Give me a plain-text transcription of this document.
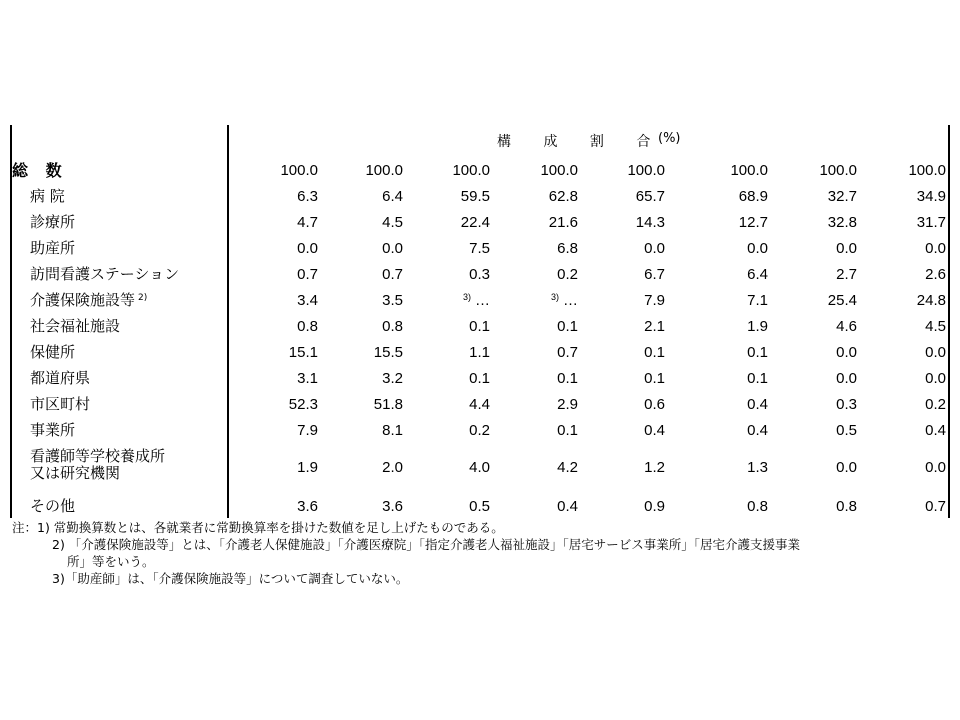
構 成 割 合
(%)
総 数	100.0	100.0	100.0	100.0	100.0	100.0	100.0	100.0
病 院	6.3	6.4	59.5	62.8	65.7	68.9	32.7	34.9
診療所	4.7	4.5	22.4	21.6	14.3	12.7	32.8	31.7
助産所	0.0	0.0	7.5	6.8	0.0	0.0	0.0	0.0
訪問看護ステーション	0.7	0.7	0.3	0.2	6.7	6.4	2.7	2.6
介護保険施設等 $^{2)}$	3.4	3.5	$^{3)}$ …	$^{3)}$ …	7.9	7.1	25.4	24.8
社会福祉施設	0.8	0.8	0.1	0.1	2.1	1.9	4.6	4.5
保健所	15.1	15.5	1.1	0.7	0.1	0.1	0.0	0.0
都道府県	3.1	3.2	0.1	0.1	0.1	0.1	0.0	0.0
市区町村	52.3	51.8	4.4	2.9	0.6	0.4	0.3	0.2
事業所	7.9	8.1	0.2	0.1	0.4	0.4	0.5	0.4
看護師等学校養成所
又は研究機関	1.9	2.0	4.0	4.2	1.2	1.3	0.0	0.0
その他	3.6	3.6	0.5	0.4	0.9	0.8	0.8	0.7
注：1) 常勤換算数とは、各就業者に常勤換算率を掛けた数値を足し上げたものである。
2) 「介護保険施設等」とは、「介護老人保健施設」「介護医療院」「指定介護老人福祉施設」「居宅サービス事業所」「居宅介護支援事業
所」等をいう。
3)「助産師」は、「介護保険施設等」について調査していない。
